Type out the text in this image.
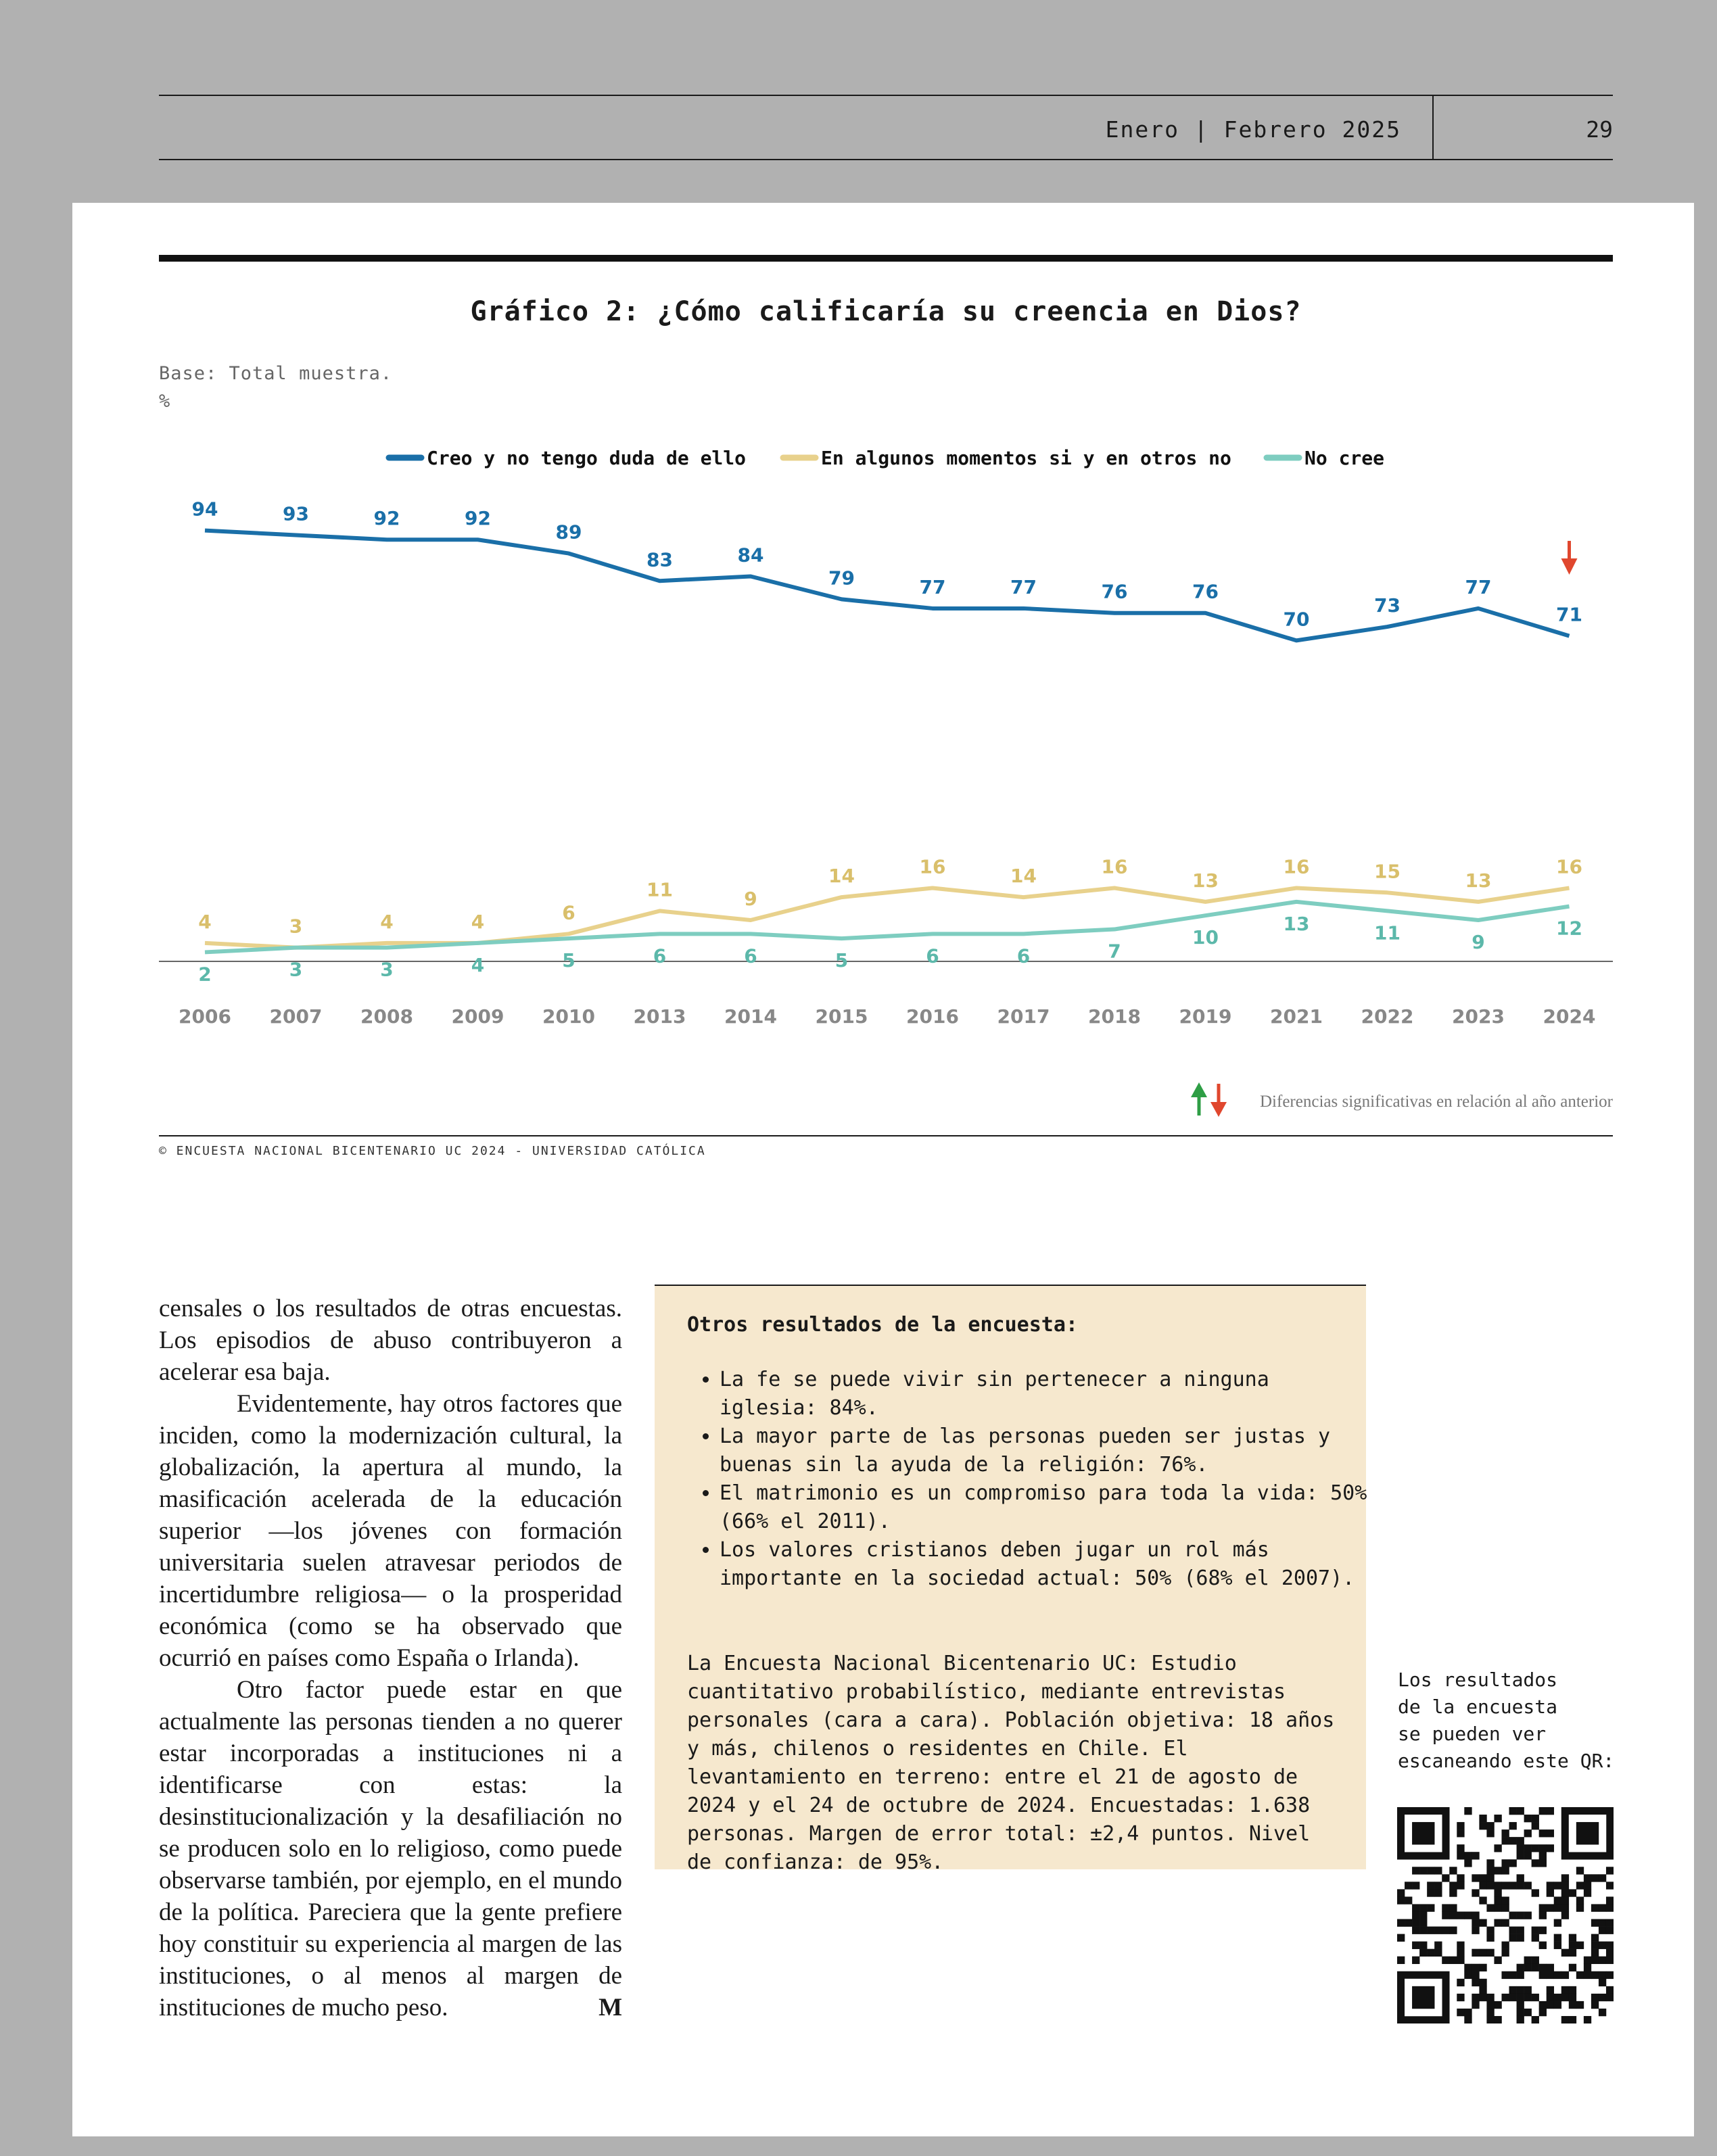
Enero | Febrero 2025	29
Gráfico 2: ¿Cómo calificaría su creencia en Dios?
Base: Total muestra.
%
Creo y no tengo duda de ello	En algunos momentos si y en otros no	No cree
94	93	92	92
89
83	84
79	77	77	76	76
70
73
77
71
4	3	4	4	6
11	9
14	16	14	16
13
16	15	13
16
2	3	3	4	5	6	6	5	6	6	7
10
13	11	9
12
2006 2007 2008 2009 2010 2013 2014 2015 2016 2017 2018 2019 2021 2022 2023 2024
Diferencias significativas en relación al año anterior
© ENCUESTA NACIONAL BICENTENARIO UC 2024 - UNIVERSIDAD CATÓLICA

censales o los resultados de otras encuestas. Los episodios de abuso contribuyeron a acelerar esa baja.

Evidentemente, hay otros factores que inciden, como la modernización cultural, la globalización, la apertura al mundo, la masificación acelerada de la educación superior —los jóvenes con formación universitaria suelen atravesar periodos de incertidumbre religiosa— o la prosperidad económica (como se ha observado que ocurrió en países como España o Irlanda).

Otro factor puede estar en que actualmente las personas tienden a no querer estar incorporadas a instituciones ni a identificarse con estas: la desinstitucionalización y la desafiliación no se producen solo en lo religioso, como puede observarse también, por ejemplo, en el mundo de la política. Pareciera que la gente prefiere hoy constituir su experiencia al margen de las instituciones, o al menos al margen de instituciones de mucho peso.	M

Otros resultados de la encuesta:
• La fe se puede vivir sin pertenecer a ninguna iglesia: 84%.
• La mayor parte de las personas pueden ser justas y buenas sin la ayuda de la religión: 76%.
• El matrimonio es un compromiso para toda la vida: 50% (66% el 2011).
• Los valores cristianos deben jugar un rol más importante en la sociedad actual: 50% (68% el 2007).
La Encuesta Nacional Bicentenario UC: Estudio cuantitativo probabilístico, mediante entrevistas personales (cara a cara). Población objetiva: 18 años y más, chilenos o residentes en Chile. El levantamiento en terreno: entre el 21 de agosto de 2024 y el 24 de octubre de 2024. Encuestadas: 1.638 personas. Margen de error total: ±2,4 puntos. Nivel de confianza: de 95%.
Los resultados
de la encuesta
se pueden ver
escaneando este QR:
